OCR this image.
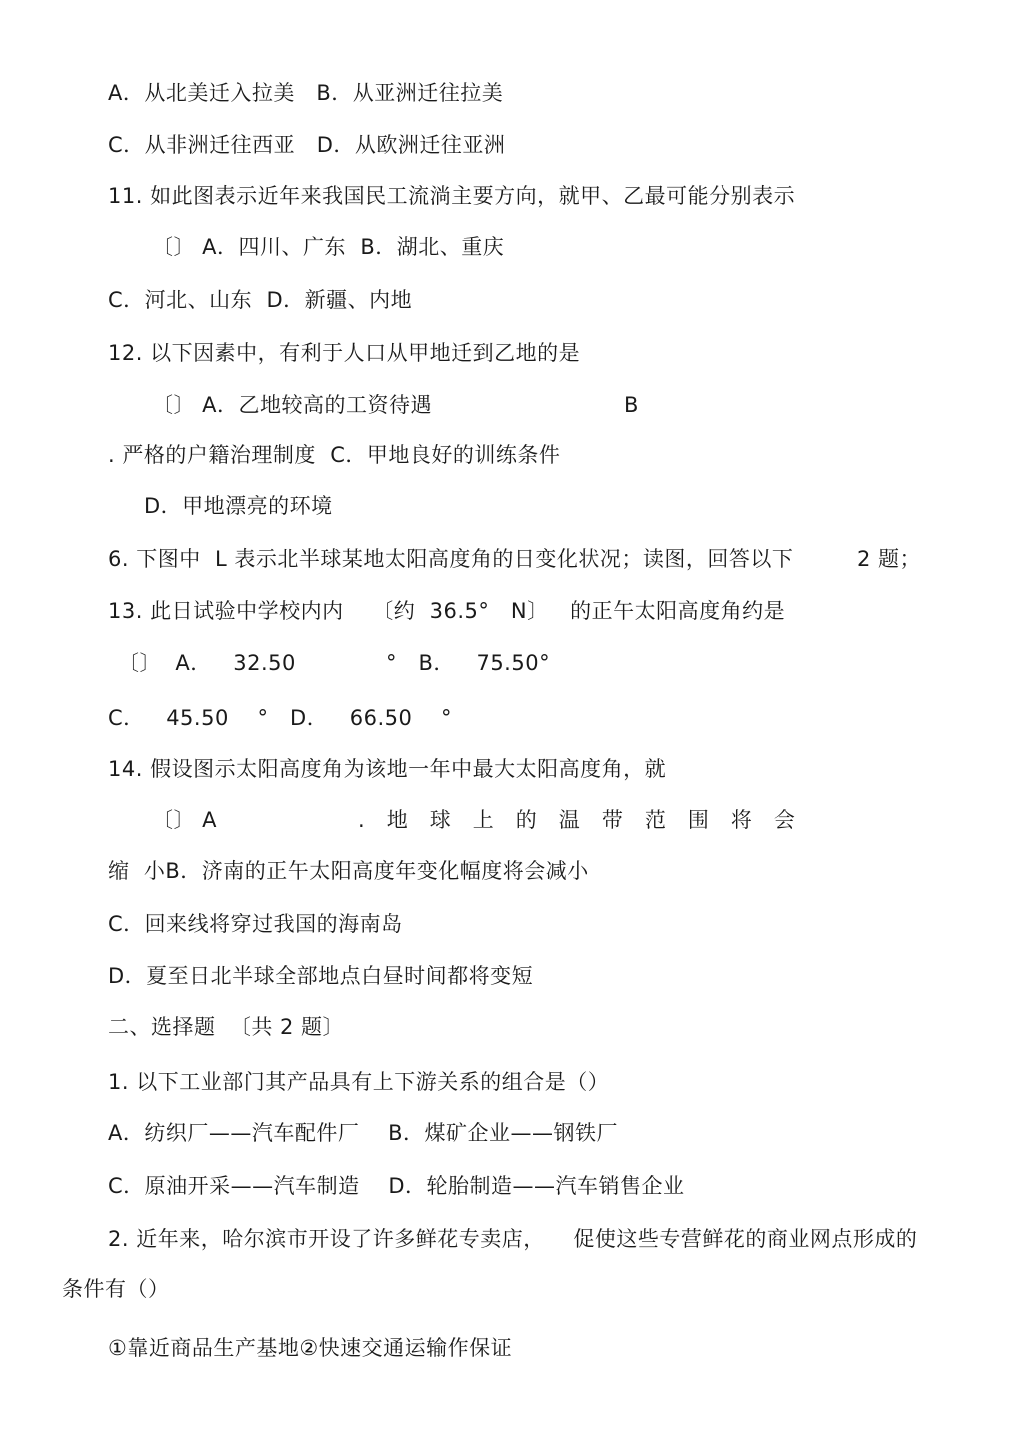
A．从北美迁入拉美   B．从亚洲迁往拉美
C．从非洲迁往西亚   D．从欧洲迁往亚洲
11. 如此图表示近年来我国民工流淌主要方向，就甲、乙最可能分别表示
〔〕 A．四川、广东  B．湖北、重庆
C．河北、山东  D．新疆、内地
12. 以下因素中，有利于人口从甲地迁到乙地的是
〔〕 A．乙地较高的工资待遇	B
. 严格的户籍治理制度  C．甲地良好的训练条件
D．甲地漂亮的环境
6. 下图中  L 表示北半球某地太阳高度角的日变化状况；读图，回答以下	2 题；
13. 此日试验中学校内内    〔约  36.5°   N〕   的正午太阳高度角约是
〔〕  A．   32.50	°   B．   75.50°
C．   45.50    °   D．   66.50    °
14. 假设图示太阳高度角为该地一年中最大太阳高度角，就
〔〕 A	.   地   球   上   的   温   带   范   围   将   会
缩  小B．济南的正午太阳高度年变化幅度将会减小
C．回来线将穿过我国的海南岛
D．夏至日北半球全部地点白昼时间都将变短
二、选择题  〔共 2 题〕
1. 以下工业部门其产品具有上下游关系的组合是（）
A．纺织厂——汽车配件厂    B．煤矿企业——钢铁厂
C．原油开采——汽车制造    D．轮胎制造——汽车销售企业
2. 近年来，哈尔滨市开设了许多鲜花专卖店，    促使这些专营鲜花的商业网点形成的
条件有（）
①靠近商品生产基地②快速交通运输作保证
